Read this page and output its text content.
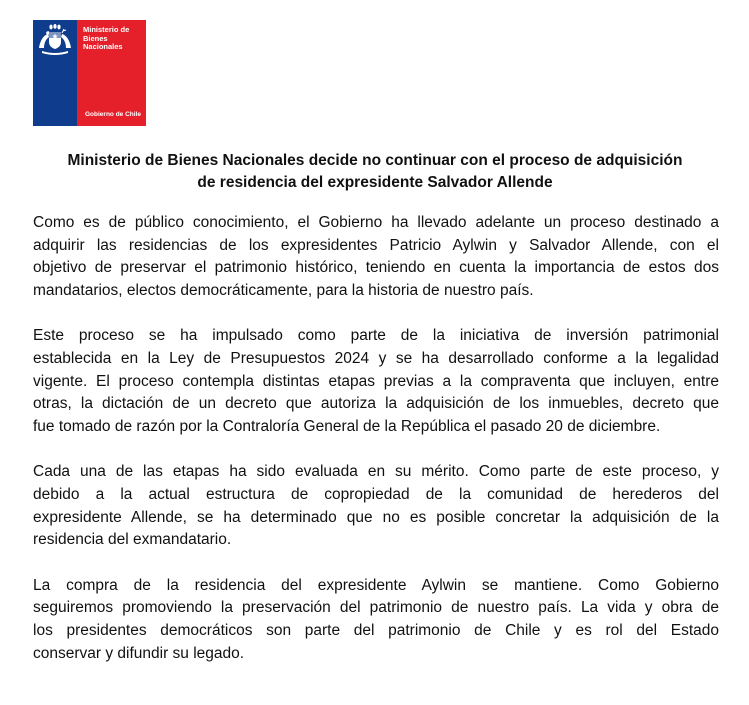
Ministerio de
Bienes
Nacionales
Gobierno de Chile
Ministerio de Bienes Nacionales decide no continuar con el proceso de adquisición
de residencia del expresidente Salvador Allende

Como es de público conocimiento, el Gobierno ha llevado adelante un proceso destinado a
adquirir las residencias de los expresidentes Patricio Aylwin y Salvador Allende, con el
objetivo de preservar el patrimonio histórico, teniendo en cuenta la importancia de estos dos
mandatarios, electos democráticamente, para la historia de nuestro país.

Este proceso se ha impulsado como parte de la iniciativa de inversión patrimonial
establecida en la Ley de Presupuestos 2024 y se ha desarrollado conforme a la legalidad
vigente. El proceso contempla distintas etapas previas a la compraventa que incluyen, entre
otras, la dictación de un decreto que autoriza la adquisición de los inmuebles, decreto que
fue tomado de razón por la Contraloría General de la República el pasado 20 de diciembre.

Cada una de las etapas ha sido evaluada en su mérito. Como parte de este proceso, y
debido a la actual estructura de copropiedad de la comunidad de herederos del
expresidente Allende, se ha determinado que no es posible concretar la adquisición de la
residencia del exmandatario.

La compra de la residencia del expresidente Aylwin se mantiene. Como Gobierno
seguiremos promoviendo la preservación del patrimonio de nuestro país. La vida y obra de
los presidentes democráticos son parte del patrimonio de Chile y es rol del Estado
conservar y difundir su legado.
